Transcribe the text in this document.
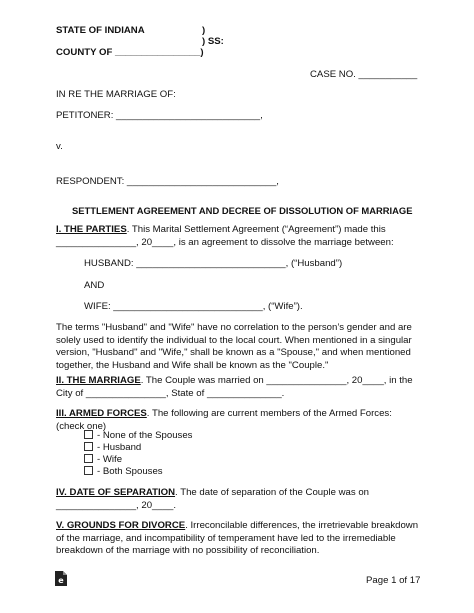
STATE OF INDIANA	)
) SS:
COUNTY OF ________________)
CASE NO. ___________
IN RE THE MARRIAGE OF:
PETITONER: ___________________________,
v.
RESPONDENT: ____________________________,
SETTLEMENT AGREEMENT AND DECREE OF DISSOLUTION OF MARRIAGE
I. THE PARTIES. This Marital Settlement Agreement (“Agreement”) made this _______________, 20____, is an agreement to dissolve the marriage between:
HUSBAND: ____________________________, (“Husband”)
AND
WIFE: ____________________________, (“Wife”).
The terms "Husband" and "Wife" have no correlation to the person’s gender and are solely used to identify the individual to the local court. When mentioned in a singular version, "Husband" and "Wife," shall be known as a "Spouse," and when mentioned together, the Husband and Wife shall be known as the "Couple."
II. THE MARRIAGE. The Couple was married on _______________, 20____, in the City of _______________, State of ______________.
III. ARMED FORCES. The following are current members of the Armed Forces: (check one)
- None of the Spouses
- Husband
- Wife
- Both Spouses
IV. DATE OF SEPARATION. The date of separation of the Couple was on _______________, 20____.
V. GROUNDS FOR DIVORCE. Irreconcilable differences, the irretrievable breakdown of the marriage, and incompatibility of temperament have led to the irremediable breakdown of the marriage with no possibility of reconciliation.
e	Page 1 of 17
